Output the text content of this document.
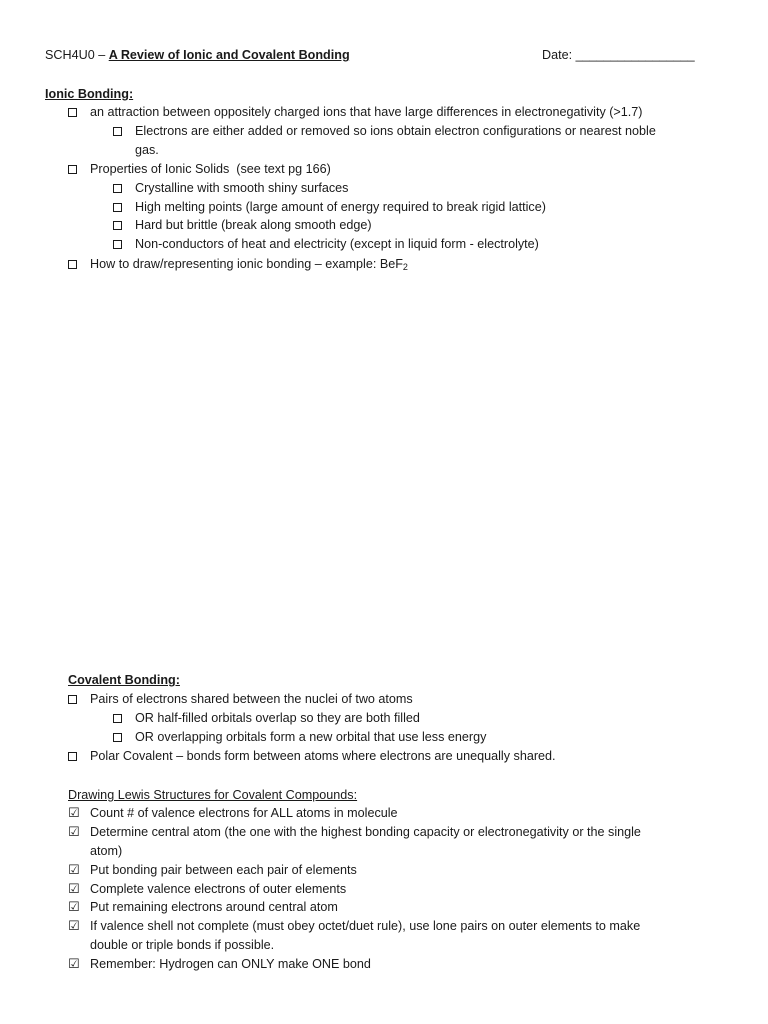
SCH4U0 – A Review of Ionic and Covalent Bonding	Date: _________________
Ionic Bonding:
an attraction between oppositely charged ions that have large differences in electronegativity (>1.7)
Electrons are either added or removed so ions obtain electron configurations or nearest noble
gas.
Properties of Ionic Solids  (see text pg 166)
Crystalline with smooth shiny surfaces
High melting points (large amount of energy required to break rigid lattice)
Hard but brittle (break along smooth edge)
Non-conductors of heat and electricity (except in liquid form - electrolyte)
How to draw/representing ionic bonding – example: BeF$_2$
Covalent Bonding:
Pairs of electrons shared between the nuclei of two atoms
OR half-filled orbitals overlap so they are both filled
OR overlapping orbitals form a new orbital that use less energy
Polar Covalent – bonds form between atoms where electrons are unequally shared.
Drawing Lewis Structures for Covalent Compounds:
☑ Count # of valence electrons for ALL atoms in molecule
☑ Determine central atom (the one with the highest bonding capacity or electronegativity or the single
atom)
☑ Put bonding pair between each pair of elements
☑ Complete valence electrons of outer elements
☑ Put remaining electrons around central atom
☑ If valence shell not complete (must obey octet/duet rule), use lone pairs on outer elements to make
double or triple bonds if possible.
☑ Remember: Hydrogen can ONLY make ONE bond
